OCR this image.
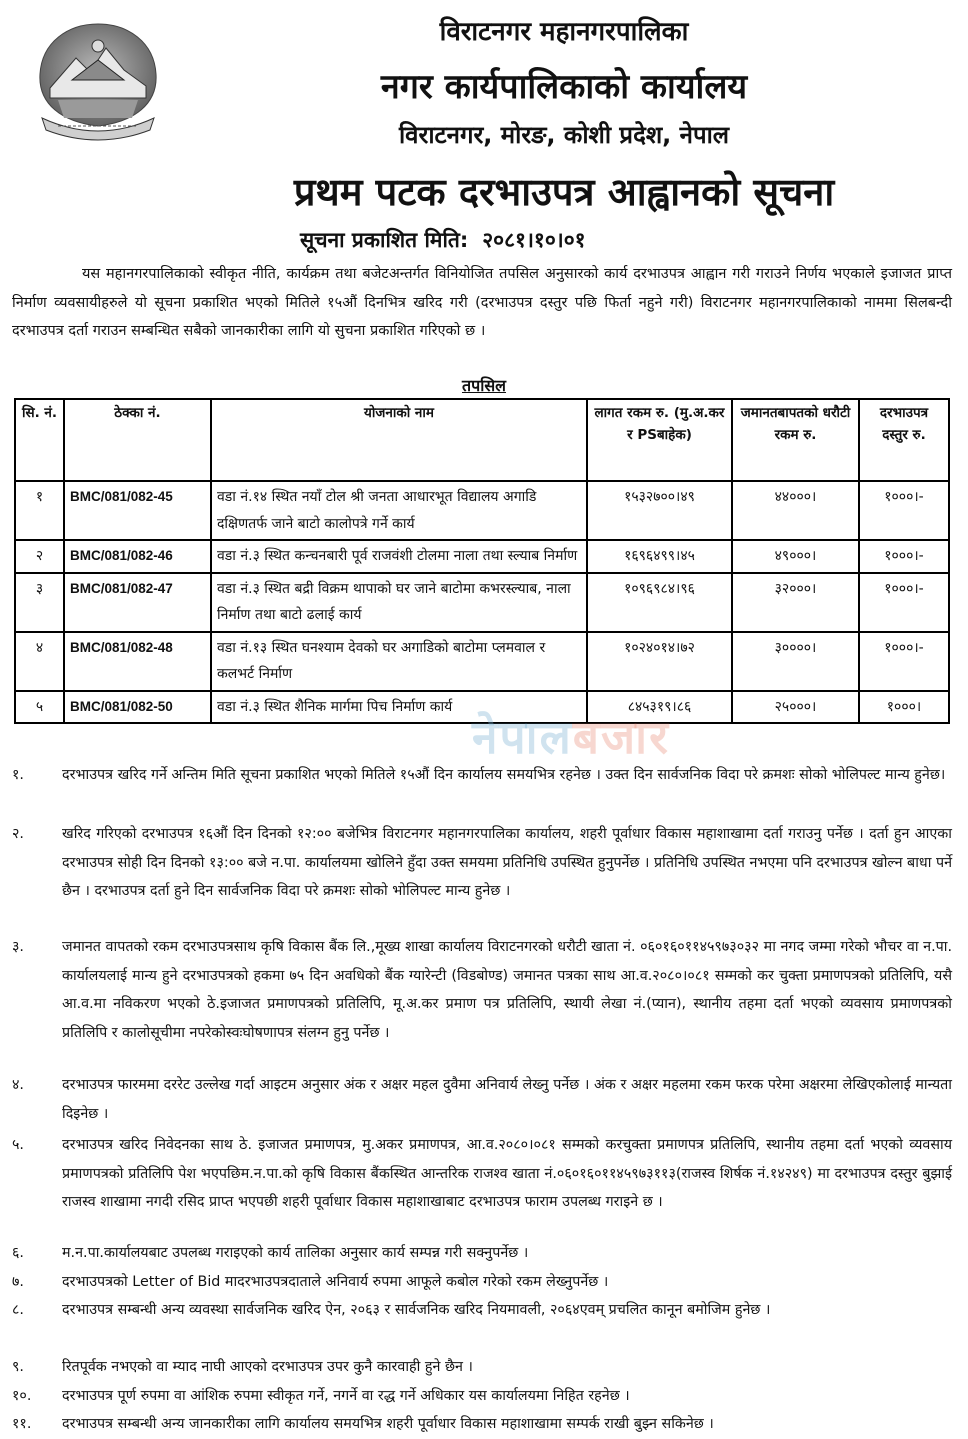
विराटनगर महानगरपालिका
नगर कार्यपालिकाको कार्यालय
विराटनगर, मोरङ, कोशी प्रदेश, नेपाल
प्रथम पटक दरभाउपत्र आह्वानको सूचना
सूचना प्रकाशित मिति: २०८१।१०।०१
यस महानगरपालिकाको स्वीकृत नीति, कार्यक्रम तथा बजेटअन्तर्गत विनियोजित तपसिल अनुसारको कार्य दरभाउपत्र आह्वान गरी गराउने निर्णय भएकाले इजाजत प्राप्त निर्माण व्यवसायीहरुले यो सूचना प्रकाशित भएको मितिले १५औं दिनभित्र खरिद गरी (दरभाउपत्र दस्तुर पछि फिर्ता नहुने गरी) विराटनगर महानगरपालिकाको नाममा सिलबन्दी दरभाउपत्र दर्ता गराउन सम्बन्धित सबैको जानकारीका लागि यो सुचना प्रकाशित गरिएको छ ।
तपसिल
सि. नं.	ठेक्का नं.	योजनाको नाम	लागत रकम रु. (मु.अ.कर र PSबाहेक)	जमानतबापतको धरौटी रकम रु.	दरभाउपत्र दस्तुर रु.
१	BMC/081/082-45	वडा नं.१४ स्थित नयाँ टोल श्री जनता आधारभूत विद्यालय अगाडि दक्षिणतर्फ जाने बाटो कालोपत्रे गर्ने कार्य	१५३२७००।४९	४४०००।	१०००।-
२	BMC/081/082-46	वडा नं.३ स्थित कन्चनबारी पूर्व राजवंशी टोलमा नाला तथा स्ल्याब निर्माण	१६९६४९९।४५	४९०००।	१०००।-
३	BMC/081/082-47	वडा नं.३ स्थित बद्री विक्रम थापाको घर जाने बाटोमा कभरस्ल्याब, नाला निर्माण तथा बाटो ढलाई कार्य	१०९६९८४।९६	३२०००।	१०००।-
४	BMC/081/082-48	वडा नं.१३ स्थित घनश्याम देवको घर अगाडिको बाटोमा प्लमवाल र कलभर्ट निर्माण	१०२४०१४।७२	३००००।	१०००।-
५	BMC/081/082-50	वडा नं.३ स्थित शैनिक मार्गमा पिच निर्माण कार्य	८४५३१९।८६	२५०००।	१०००।
नेपालबजार
१.	दरभाउपत्र खरिद गर्ने अन्तिम मिति सूचना प्रकाशित भएको मितिले १५औं दिन कार्यालय समयभित्र रहनेछ । उक्त दिन सार्वजनिक विदा परे क्रमशः सोको भोलिपल्ट मान्य हुनेछ।
२.	खरिद गरिएको दरभाउपत्र १६औं दिन दिनको १२:०० बजेभित्र विराटनगर महानगरपालिका कार्यालय, शहरी पूर्वाधार विकास महाशाखामा दर्ता गराउनु पर्नेछ । दर्ता हुन आएका दरभाउपत्र सोही दिन दिनको १३:०० बजे न.पा. कार्यालयमा खोलिने हुँदा उक्त समयमा प्रतिनिधि उपस्थित हुनुपर्नेछ । प्रतिनिधि उपस्थित नभएमा पनि दरभाउपत्र खोल्न बाधा पर्ने छैन । दरभाउपत्र दर्ता हुने दिन सार्वजनिक विदा परे क्रमशः सोको भोलिपल्ट मान्य हुनेछ ।
३.	जमानत वापतको रकम दरभाउपत्रसाथ कृषि विकास बैंक लि.,मूख्य शाखा कार्यालय विराटनगरको धरौटी खाता नं. ०६०१६०११४५९७३०३२ मा नगद जम्मा गरेको भौचर वा न.पा. कार्यालयलाई मान्य हुने दरभाउपत्रको हकमा ७५ दिन अवधिको बैंक ग्यारेन्टी (विडबोण्ड) जमानत पत्रका साथ आ.व.२०८०।०८१ सम्मको कर चुक्ता प्रमाणपत्रको प्रतिलिपि, यसै आ.व.मा नविकरण भएको ठे.इजाजत प्रमाणपत्रको प्रतिलिपि, मू.अ.कर प्रमाण पत्र प्रतिलिपि, स्थायी लेखा नं.(प्यान), स्थानीय तहमा दर्ता भएको व्यवसाय प्रमाणपत्रको प्रतिलिपि र कालोसूचीमा नपरेकोस्वःघोषणापत्र संलग्न हुनु पर्नेछ ।
४.	दरभाउपत्र फारममा दररेट उल्लेख गर्दा आइटम अनुसार अंक र अक्षर महल दुवैमा अनिवार्य लेख्नु पर्नेछ । अंक र अक्षर महलमा रकम फरक परेमा अक्षरमा लेखिएकोलाई मान्यता दिइनेछ ।
५.	दरभाउपत्र खरिद निवेदनका साथ ठे. इजाजत प्रमाणपत्र, मु.अकर प्रमाणपत्र, आ.व.२०८०।०८१ सम्मको करचुक्ता प्रमाणपत्र प्रतिलिपि, स्थानीय तहमा दर्ता भएको व्यवसाय प्रमाणपत्रको प्रतिलिपि पेश भएपछिम.न.पा.को कृषि विकास बैंकस्थित आन्तरिक राजश्व खाता नं.०६०१६०११४५९७३११३(राजस्व शिर्षक नं.१४२४९) मा दरभाउपत्र दस्तुर बुझाई राजस्व शाखामा नगदी रसिद प्राप्त भएपछी शहरी पूर्वाधार विकास महाशाखाबाट दरभाउपत्र फाराम उपलब्ध गराइने छ ।
६.	म.न.पा.कार्यालयबाट उपलब्ध गराइएको कार्य तालिका अनुसार कार्य सम्पन्न गरी सक्नुपर्नेछ ।
७.	दरभाउपत्रको Letter of Bid मादरभाउपत्रदाताले अनिवार्य रुपमा आफूले कबोल गरेको रकम लेख्नुपर्नेछ ।
८.	दरभाउपत्र सम्बन्धी अन्य व्यवस्था सार्वजनिक खरिद ऐन, २०६३ र सार्वजनिक खरिद नियमावली, २०६४एवम् प्रचलित कानून बमोजिम हुनेछ ।
९.	रितपूर्वक नभएको वा म्याद नाघी आएको दरभाउपत्र उपर कुनै कारवाही हुने छैन ।
१०.	दरभाउपत्र पूर्ण रुपमा वा आंशिक रुपमा स्वीकृत गर्ने, नगर्ने वा रद्ध गर्ने अधिकार यस कार्यालयमा निहित रहनेछ ।
११.	दरभाउपत्र सम्बन्धी अन्य जानकारीका लागि कार्यालय समयभित्र शहरी पूर्वाधार विकास महाशाखामा सम्पर्क राखी बुझ्न सकिनेछ ।
